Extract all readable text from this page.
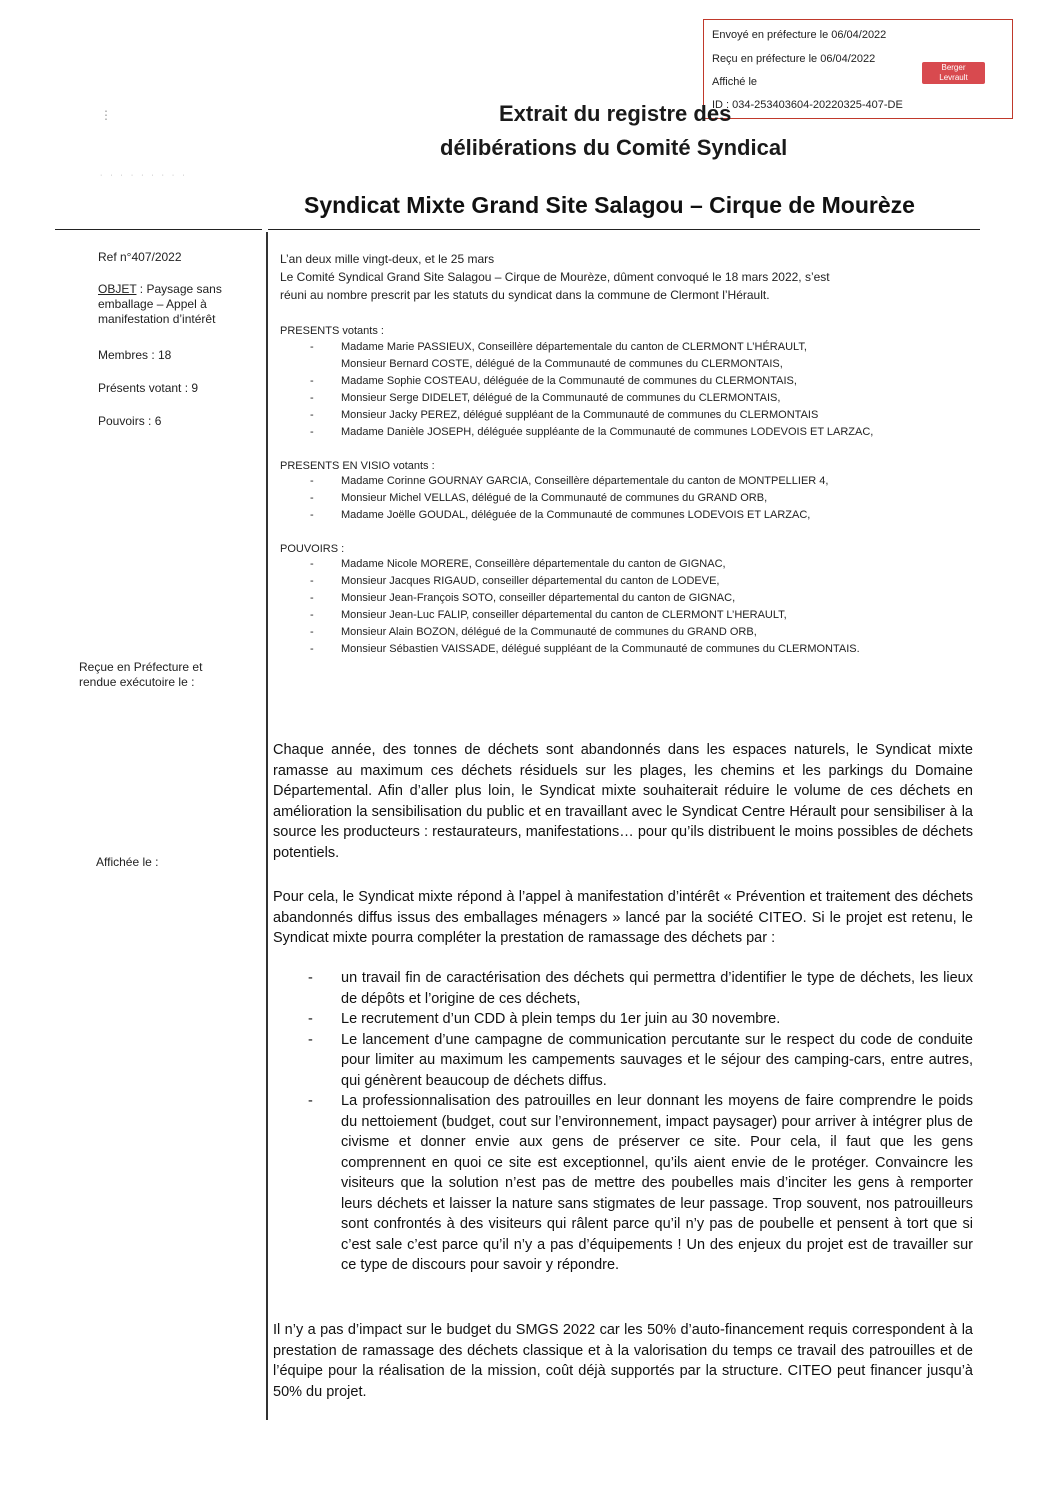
Envoyé en préfecture le 06/04/2022
Reçu en préfecture le 06/04/2022
Affiché le
ID : 034-253403604-20220325-407-DE
Berger
Levrault
⋮
· · · · · · · · ·
Extrait du registre des
délibérations du Comité Syndical
Syndicat Mixte Grand Site Salagou – Cirque de Mourèze
Ref n°407/2022
OBJET : Paysage sans emballage – Appel à manifestation d’intérêt
Membres : 18
Présents votant : 9
Pouvoirs : 6
Reçue en Préfecture et rendue exécutoire le :
Affichée le :
L’an deux mille vingt-deux, et le 25 mars
Le Comité Syndical Grand Site Salagou – Cirque de Mourèze, dûment convoqué le 18 mars 2022, s’est
réuni au nombre prescrit par les statuts du syndicat dans la commune de Clermont l’Hérault.
PRESENTS votants :
- Madame Marie PASSIEUX, Conseillère départementale du canton de CLERMONT L’HÉRAULT,
Monsieur Bernard COSTE, délégué de la Communauté de communes du CLERMONTAIS,
- Madame Sophie COSTEAU, déléguée de la Communauté de communes du CLERMONTAIS,
- Monsieur Serge DIDELET, délégué de la Communauté de communes du CLERMONTAIS,
- Monsieur Jacky PEREZ, délégué suppléant de la Communauté de communes du CLERMONTAIS
- Madame Danièle JOSEPH, déléguée suppléante de la Communauté de communes LODEVOIS ET LARZAC,
PRESENTS EN VISIO votants :
- Madame Corinne GOURNAY GARCIA, Conseillère départementale du canton de MONTPELLIER 4,
- Monsieur Michel VELLAS, délégué de la Communauté de communes du GRAND ORB,
- Madame Joëlle GOUDAL, déléguée de la Communauté de communes LODEVOIS ET LARZAC,
POUVOIRS :
- Madame Nicole MORERE, Conseillère départementale du canton de GIGNAC,
- Monsieur Jacques RIGAUD, conseiller départemental du canton de LODEVE,
- Monsieur Jean-François SOTO, conseiller départemental du canton de GIGNAC,
- Monsieur Jean-Luc FALIP, conseiller départemental du canton de CLERMONT L’HERAULT,
- Monsieur Alain BOZON, délégué de la Communauté de communes du GRAND ORB,
- Monsieur Sébastien VAISSADE, délégué suppléant de la Communauté de communes du CLERMONTAIS.

Chaque année, des tonnes de déchets sont abandonnés dans les espaces naturels, le Syndicat mixte ramasse au maximum ces déchets résiduels sur les plages, les chemins et les parkings du Domaine Départemental. Afin d’aller plus loin, le Syndicat mixte souhaiterait réduire le volume de ces déchets en amélioration la sensibilisation du public et en travaillant avec le Syndicat Centre Hérault pour sensibiliser à la source les producteurs : restaurateurs, manifestations… pour qu’ils distribuent le moins possibles de déchets potentiels.

Pour cela, le Syndicat mixte répond à l’appel à manifestation d’intérêt « Prévention et traitement des déchets abandonnés diffus issus des emballages ménagers » lancé par la société CITEO. Si le projet est retenu, le Syndicat mixte pourra compléter la prestation de ramassage des déchets par :

- un travail fin de caractérisation des déchets qui permettra d’identifier le type de déchets, les lieux de dépôts et l’origine de ces déchets,
- Le recrutement d’un CDD à plein temps du 1er juin au 30 novembre.
- Le lancement d’une campagne de communication percutante sur le respect du code de conduite pour limiter au maximum les campements sauvages et le séjour des camping-cars, entre autres, qui génèrent beaucoup de déchets diffus.
- La professionnalisation des patrouilles en leur donnant les moyens de faire comprendre le poids du nettoiement (budget, cout sur l’environnement, impact paysager) pour arriver à intégrer plus de civisme et donner envie aux gens de préserver ce site. Pour cela, il faut que les gens comprennent en quoi ce site est exceptionnel, qu’ils aient envie de le protéger. Convaincre les visiteurs que la solution n’est pas de mettre des poubelles mais d’inciter les gens à remporter leurs déchets et laisser la nature sans stigmates de leur passage. Trop souvent, nos patrouilleurs sont confrontés à des visiteurs qui râlent parce qu’il n’y pas de poubelle et pensent à tort que si c’est sale c’est parce qu’il n’y a pas d’équipements ! Un des enjeux du projet est de travailler sur ce type de discours pour savoir y répondre.

Il n’y a pas d’impact sur le budget du SMGS 2022 car les 50% d’auto-financement requis correspondent à la prestation de ramassage des déchets classique et à la valorisation du temps ce travail des patrouilles et de l’équipe pour la réalisation de la mission, coût déjà supportés par la structure. CITEO peut financer jusqu’à 50% du projet.
